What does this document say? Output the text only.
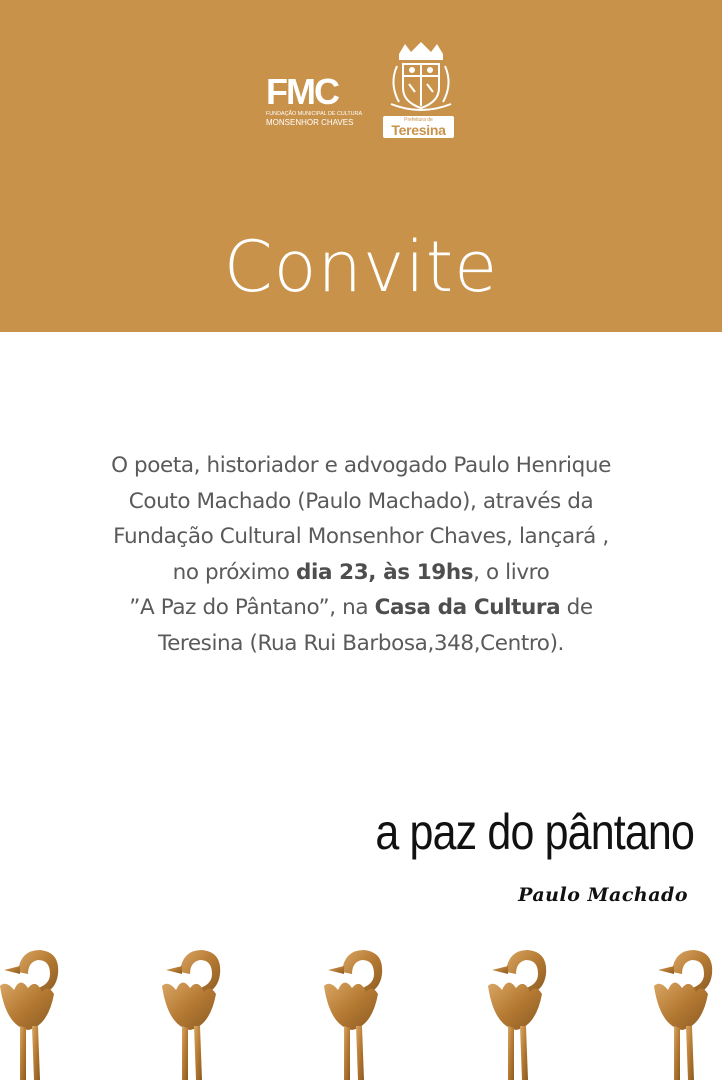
FMC
FUNDAÇÃO MUNICIPAL DE CULTURA
MONSENHOR CHAVES	Prefeitura de
Teresina
Convite
O poeta, historiador e advogado Paulo Henrique
Couto Machado (Paulo Machado), através da
Fundação Cultural Monsenhor Chaves, lançará ,
no próximo dia 23, às 19hs, o livro
”A Paz do Pântano”, na Casa da Cultura de
Teresina (Rua Rui Barbosa,348,Centro).
a paz do pântano
Paulo Machado
